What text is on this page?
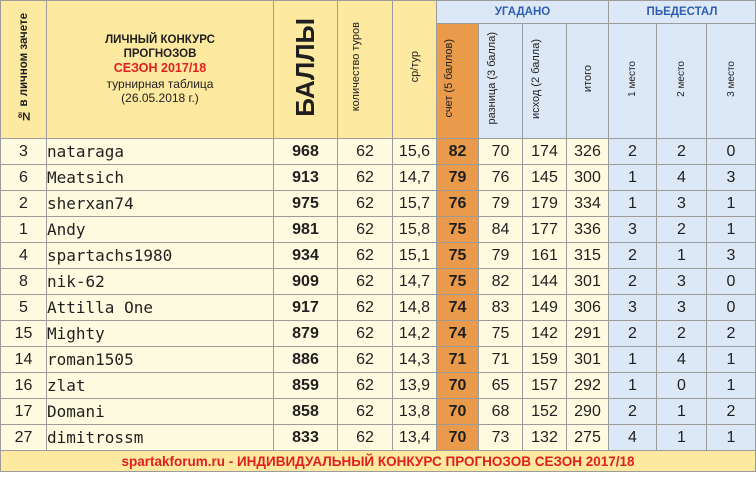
№ в личном зачете	ЛИЧНЫЙ КОНКУРС
ПРОГНОЗОВ
СЕЗОН 2017/18
турнирная таблица
(26.05.2018 г.)	БАЛЛЫ	количество туров	ср/тур	УГАДАНО				ПЬЕДЕСТАЛ		
					счет (5 баллов)	разница (3 балла)	исход (2 балла)	итого	1 место	2 место	3 место
3	nataraga	968	62	15,6	82	70	174	326	2	2	0
6	Meatsich	913	62	14,7	79	76	145	300	1	4	3
2	sherxan74	975	62	15,7	76	79	179	334	1	3	1
1	Andy	981	62	15,8	75	84	177	336	3	2	1
4	spartachs1980	934	62	15,1	75	79	161	315	2	1	3
8	nik-62	909	62	14,7	75	82	144	301	2	3	0
5	Attilla One	917	62	14,8	74	83	149	306	3	3	0
15	Mighty	879	62	14,2	74	75	142	291	2	2	2
14	roman1505	886	62	14,3	71	71	159	301	1	4	1
16	zlat	859	62	13,9	70	65	157	292	1	0	1
17	Domani	858	62	13,8	70	68	152	290	2	1	2
27	dimitrossm	833	62	13,4	70	73	132	275	4	1	1
spartakforum.ru - ИНДИВИДУАЛЬНЫЙ КОНКУРС ПРОГНОЗОВ СЕЗОН 2017/18											
